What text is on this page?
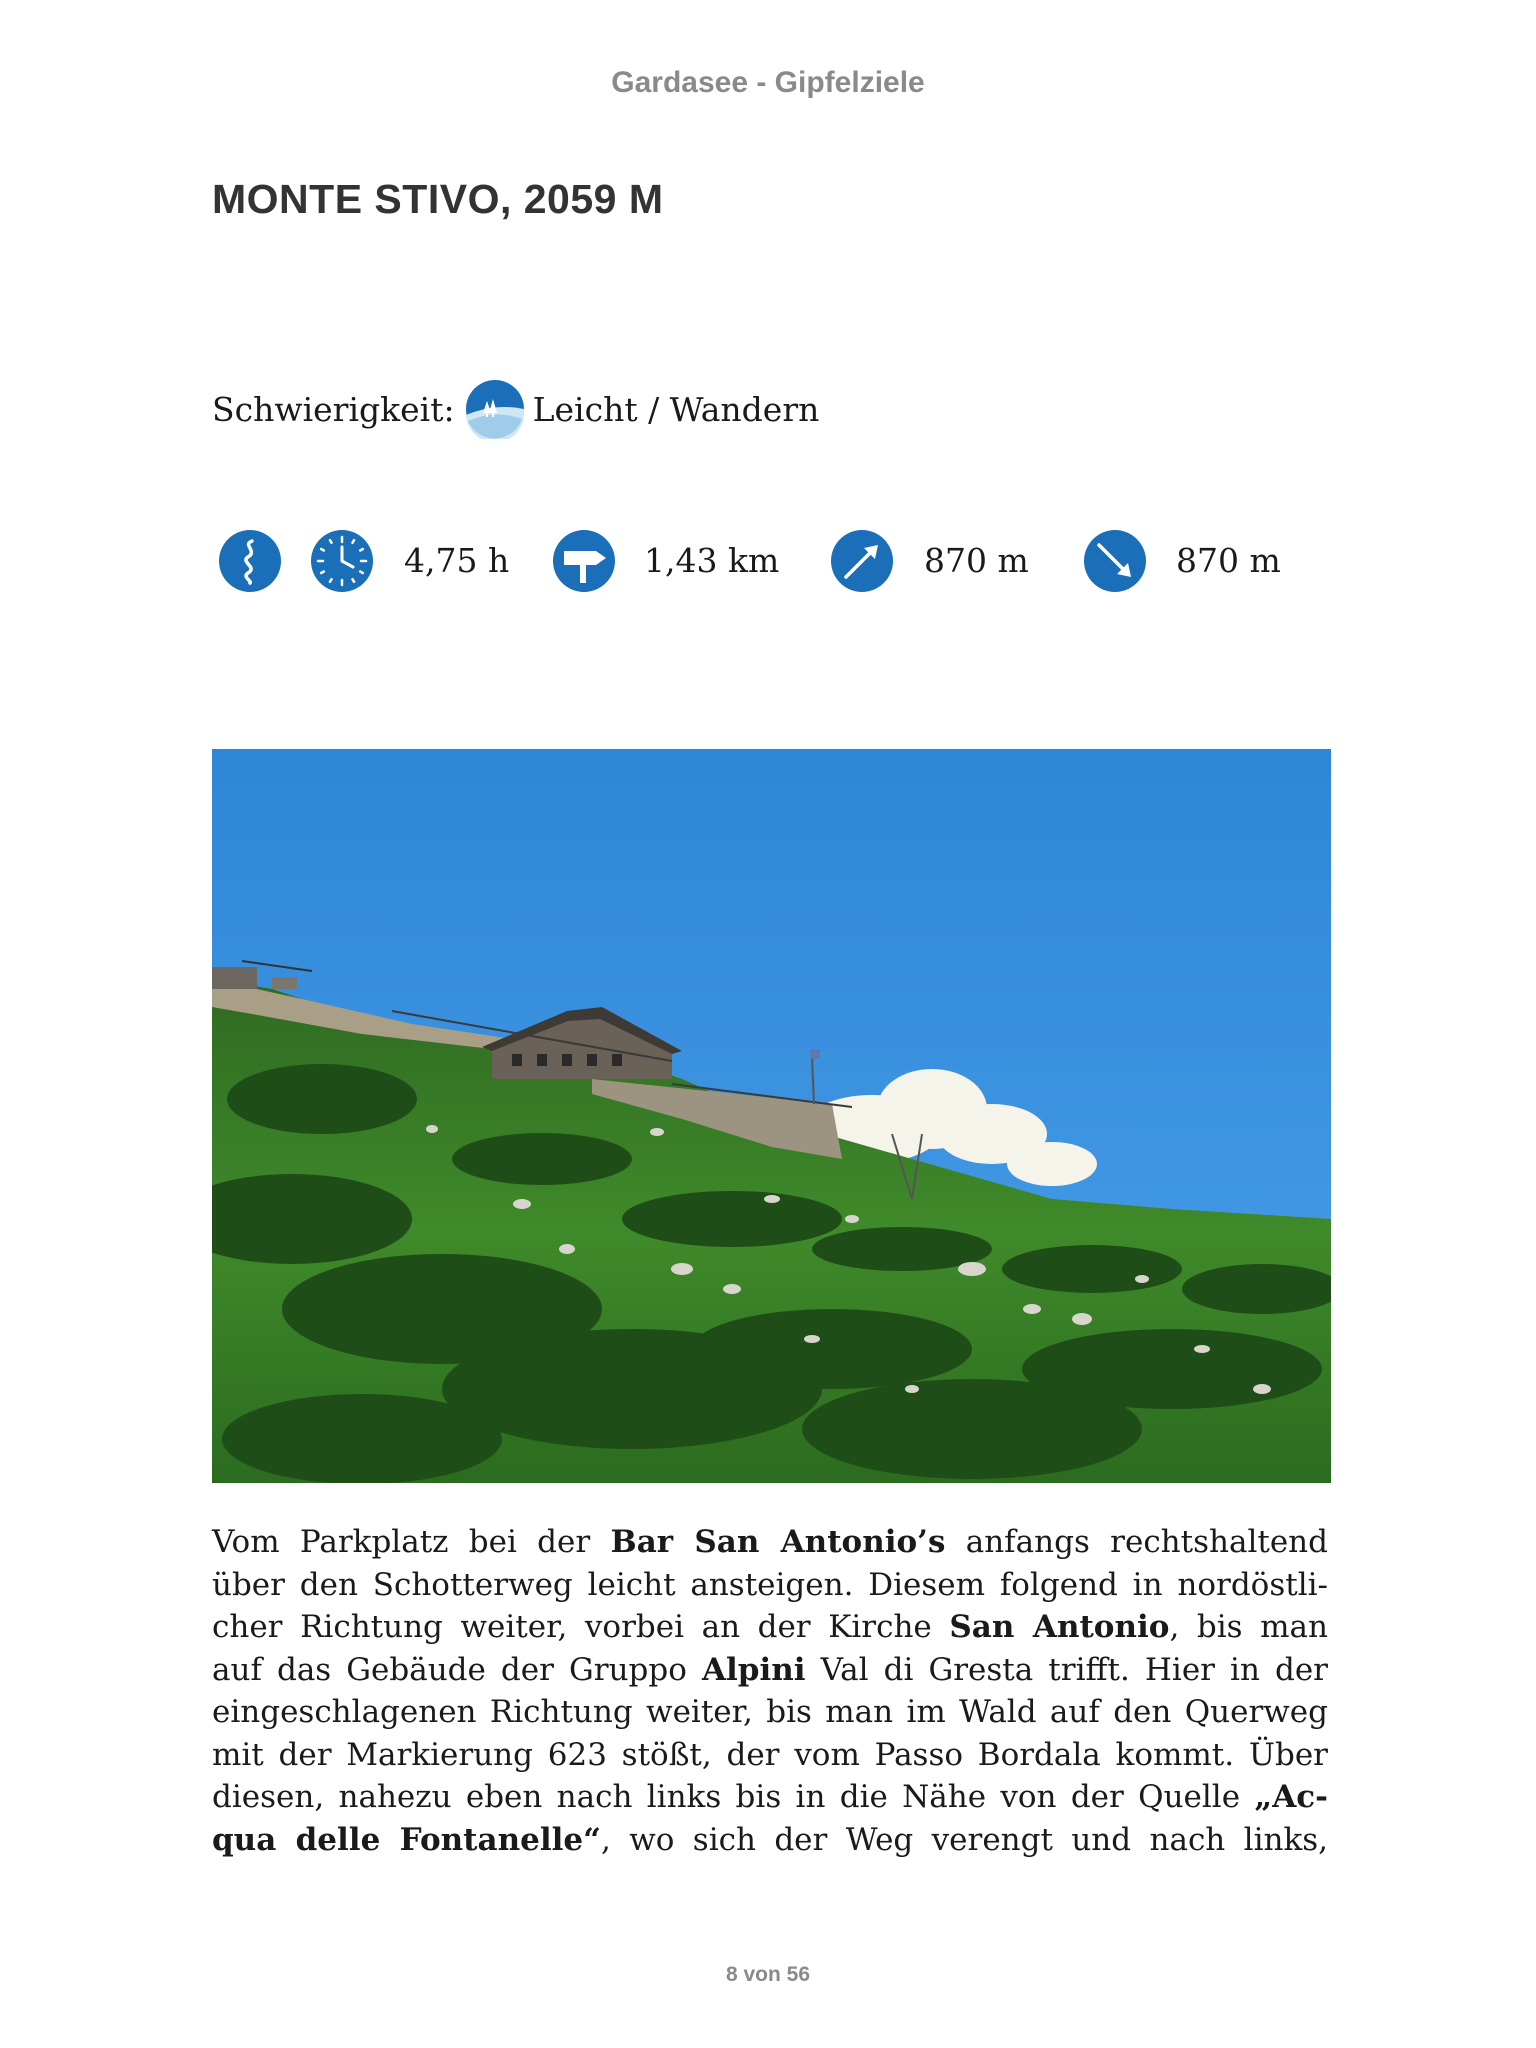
Gardasee - Gipfelziele
MONTE STIVO, 2059 M
Schwierigkeit: Leicht / Wandern
4,75 h	1,43 km	870 m	870 m
Vom Parkplatz bei der Bar San Antonio’s anfangs rechtshaltend
über den Schotterweg leicht ansteigen. Diesem folgend in nordöstli-
cher Richtung weiter, vorbei an der Kirche San Antonio, bis man
auf das Gebäude der Gruppo Alpini Val di Gresta trifft. Hier in der
eingeschlagenen Richtung weiter, bis man im Wald auf den Querweg
mit der Markierung 623 stößt, der vom Passo Bordala kommt. Über
diesen, nahezu eben nach links bis in die Nähe von der Quelle „Ac-
qua delle Fontanelle“, wo sich der Weg verengt und nach links,
8 von 56
